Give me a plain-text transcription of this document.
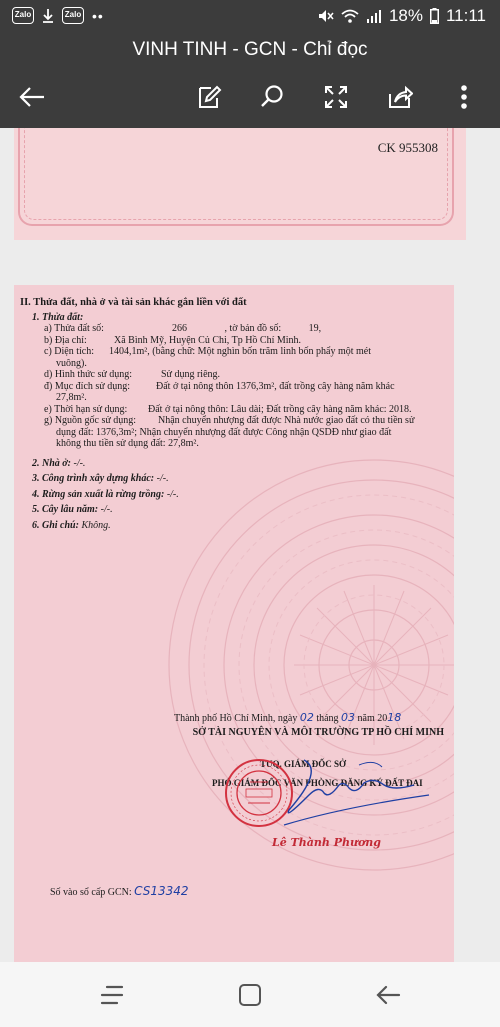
Zalo	Zalo ••	18% 11:11
VINH TINH - GCN - Chỉ đọc
CK 955308
II. Thửa đất, nhà ở và tài sản khác gắn liền với đất
1. Thửa đất:
a) Thửa đất số:	266               , tờ bản đồ số:           19,
b) Địa chỉ:	Xã Bình Mỹ, Huyện Củ Chi, Tp Hồ Chí Minh.
c) Diện tích:	1404,1m², (bằng chữ: Một nghìn bốn trăm linh bốn phẩy một mét
vuông).
d) Hình thức sử dụng:	Sử dụng riêng.
đ) Mục đích sử dụng:	Đất ở tại nông thôn 1376,3m², đất trồng cây hàng năm khác
27,8m².
e) Thời hạn sử dụng:	Đất ở tại nông thôn: Lâu dài; Đất trồng cây hàng năm khác: 2018.
g) Nguồn gốc sử dụng:	Nhận chuyển nhượng đất được Nhà nước giao đất có thu tiền sử
dụng đất: 1376,3m²; Nhận chuyển nhượng đất được Công nhận QSDĐ như giao đất
không thu tiền sử dụng đất: 27,8m².
2. Nhà ở: -/-.
3. Công trình xây dựng khác: -/-.
4. Rừng sản xuất là rừng trồng: -/-.
5. Cây lâu năm: -/-.
6. Ghi chú: Không.
Thành phố Hồ Chí Minh, ngày 02 tháng 03 năm 2018
SỞ TÀI NGUYÊN VÀ MÔI TRƯỜNG TP HỒ CHÍ MINH
TUQ. GIÁM ĐỐC SỞ
PHÓ GIÁM ĐỐC VĂN PHÒNG ĐĂNG KÝ ĐẤT ĐAI
Lê Thành Phương
Số vào sổ cấp GCN: CS13342
